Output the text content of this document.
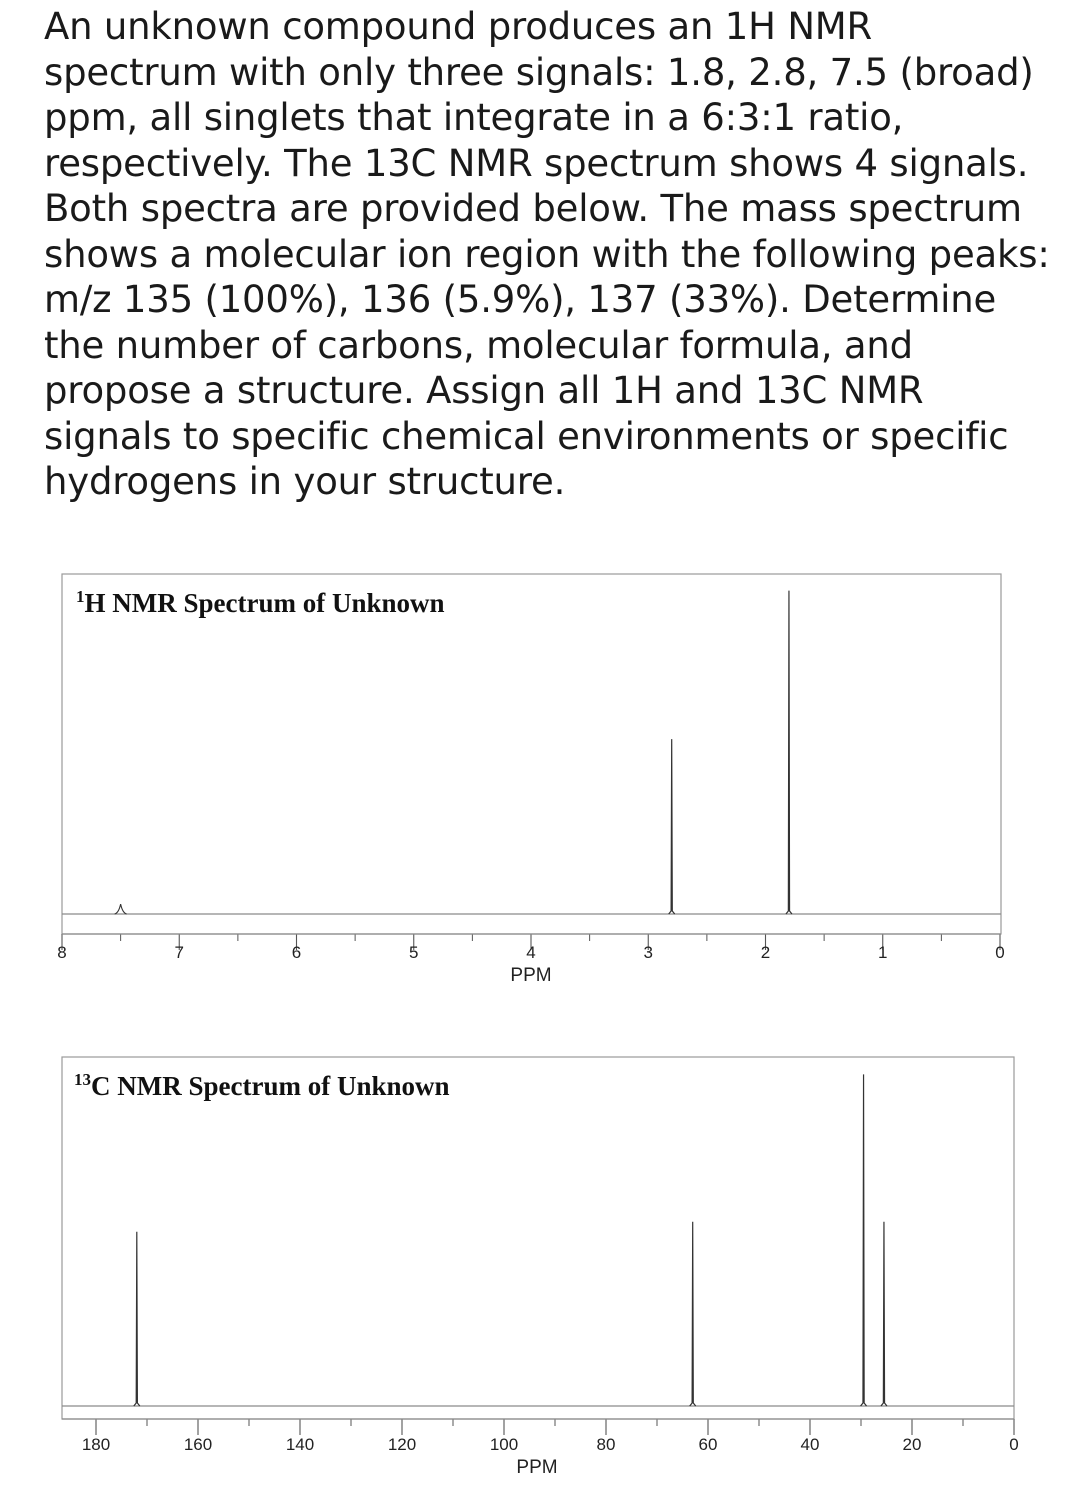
An unknown compound produces an 1H NMR spectrum with only three signals: 1.8, 2.8, 7.5 (broad) ppm, all singlets that integrate in a 6:3:1 ratio, respectively. The 13C NMR spectrum shows 4 signals. Both spectra are provided below. The mass spectrum shows a molecular ion region with the following peaks: m/z 135 (100%), 136 (5.9%), 137 (33%). Determine the number of carbons, molecular formula, and propose a structure. Assign all 1H and 13C NMR signals to specific chemical environments or specific hydrogens in your structure.

$^1$H NMR Spectrum of Unknown
8	7	6	5	4	3	2	1	0
PPM
$^{13}$C NMR Spectrum of Unknown
180	160	140	120	100	80	60	40	20	0
PPM
